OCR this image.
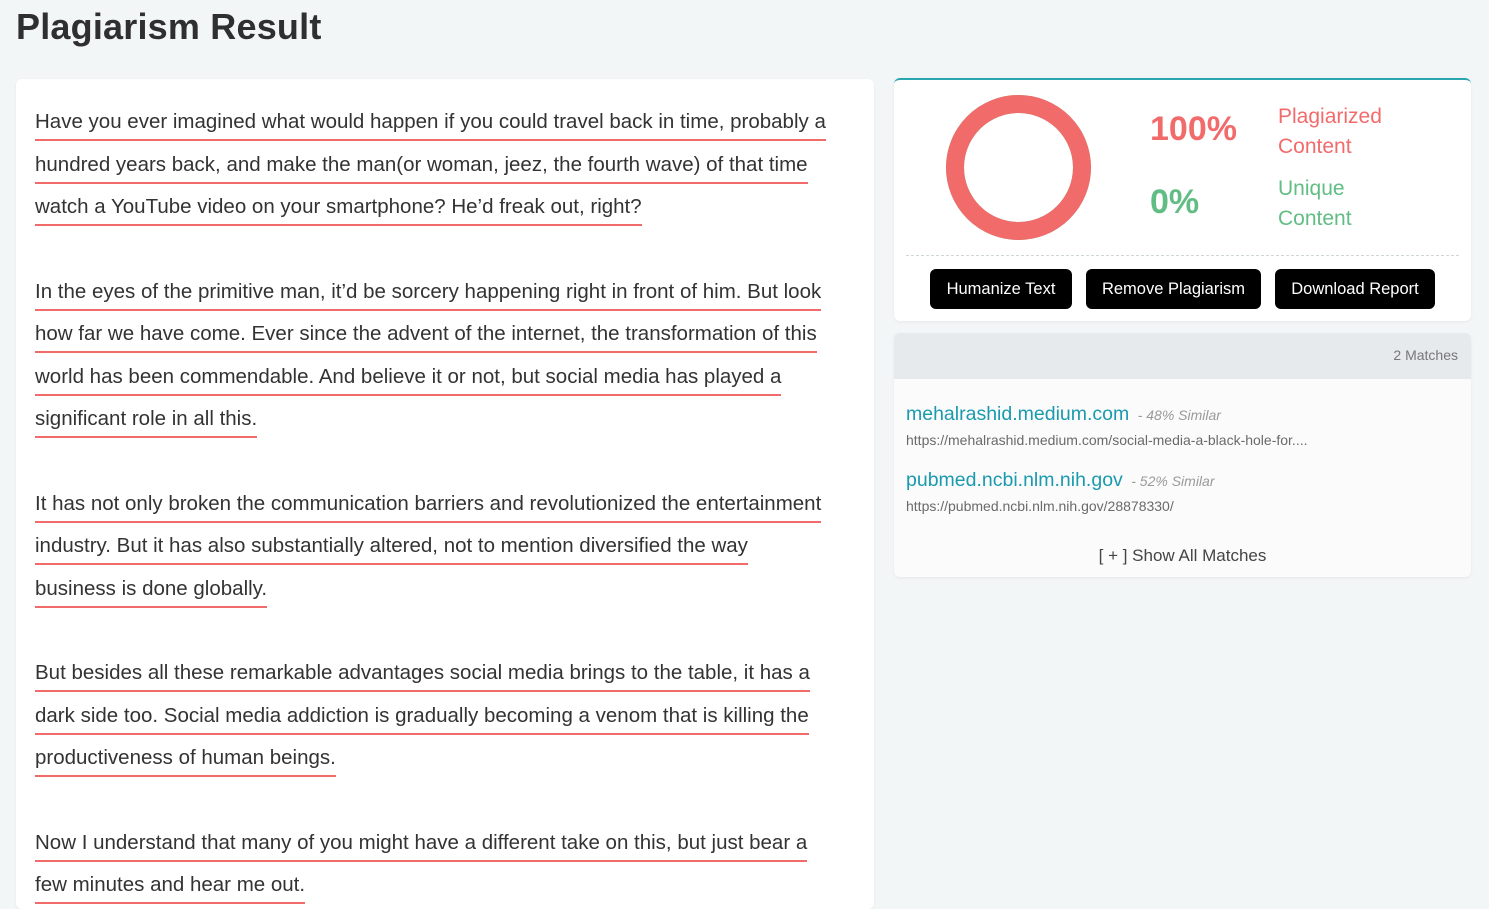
Plagiarism Result

Have you ever imagined what would happen if you could travel back in time, probably a
hundred years back, and make the man(or woman, jeez, the fourth wave) of that time
watch a YouTube video on your smartphone? He’d freak out, right?

In the eyes of the primitive man, it’d be sorcery happening right in front of him. But look
how far we have come. Ever since the advent of the internet, the transformation of this
world has been commendable. And believe it or not, but social media has played a
significant role in all this.

It has not only broken the communication barriers and revolutionized the entertainment
industry. But it has also substantially altered, not to mention diversified the way
business is done globally.

But besides all these remarkable advantages social media brings to the table, it has a
dark side too. Social media addiction is gradually becoming a venom that is killing the
productiveness of human beings.

Now I understand that many of you might have a different take on this, but just bear a
few minutes and hear me out.

100% Plagiarized Content

0%	Unique Content

Humanize Text	Remove Plagiarism	Download Report
2 Matches
mehalrashid.medium.com - 48% Similar
https://mehalrashid.medium.com/social-media-a-black-hole-for....
pubmed.ncbi.nlm.nih.gov - 52% Similar
https://pubmed.ncbi.nlm.nih.gov/28878330/
[ + ] Show All Matches
